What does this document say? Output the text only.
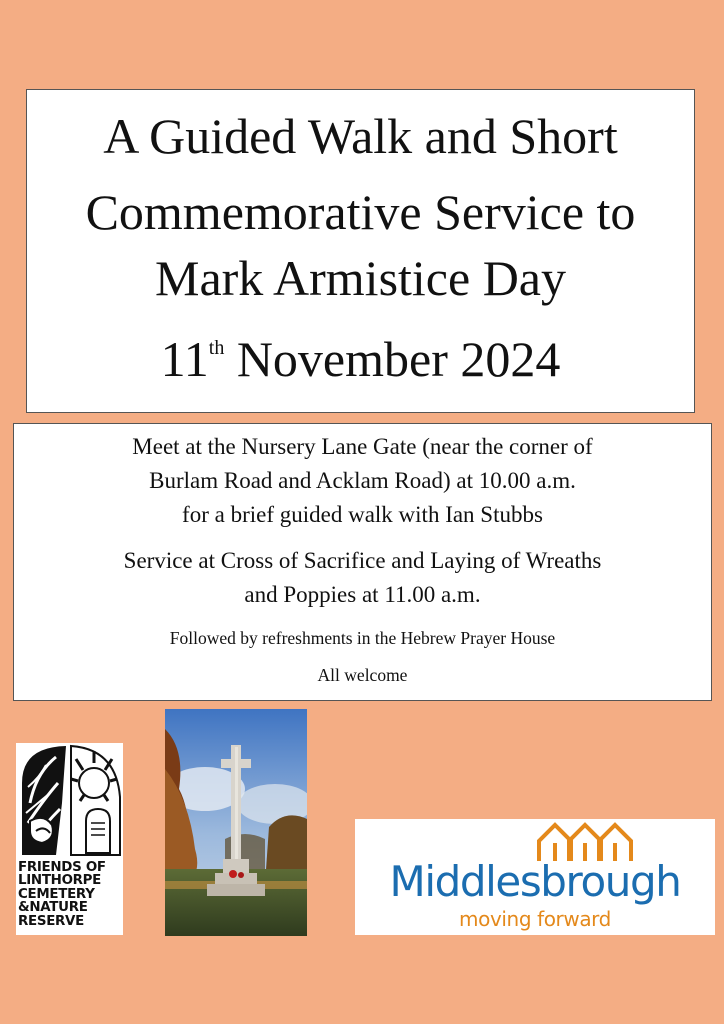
A Guided Walk and Short
Commemorative Service to
Mark Armistice Day
11th November 2024
Meet at the Nursery Lane Gate (near the corner of
Burlam Road and Acklam Road) at 10.00 a.m.
for a brief guided walk with Ian Stubbs
Service at Cross of Sacrifice and Laying of Wreaths
and Poppies at 11.00 a.m.
Followed by refreshments in the Hebrew Prayer House
All welcome
FRIENDS OF
LINTHORPE
CEMETERY
&NATURE
RESERVE
Middlesbrough
moving forward
